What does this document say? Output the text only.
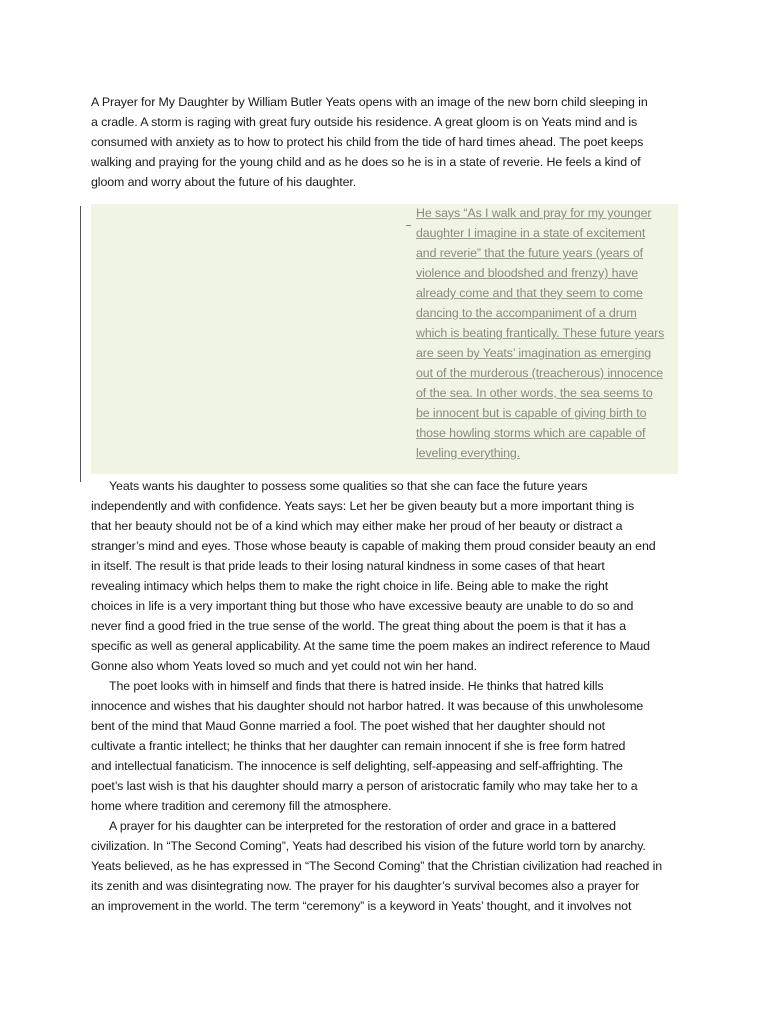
A Prayer for My Daughter by William Butler Yeats opens with an image of the new born child sleeping in
a cradle. A storm is raging with great fury outside his residence. A great gloom is on Yeats mind and is
consumed with anxiety as to how to protect his child from the tide of hard times ahead. The poet keeps
walking and praying for the young child and as he does so he is in a state of reverie. He feels a kind of
gloom and worry about the future of his daughter.

He says “As I walk and pray for my younger
daughter I imagine in a state of excitement
and reverie” that the future years (years of
violence and bloodshed and frenzy) have
already come and that they seem to come
dancing to the accompaniment of a drum
which is beating frantically. These future years
are seen by Yeats’ imagination as emerging
out of the murderous (treacherous) innocence
of the sea. In other words, the sea seems to
be innocent but is capable of giving birth to
those howling storms which are capable of
leveling everything.

Yeats wants his daughter to possess some qualities so that she can face the future years
independently and with confidence. Yeats says: Let her be given beauty but a more important thing is
that her beauty should not be of a kind which may either make her proud of her beauty or distract a
stranger’s mind and eyes. Those whose beauty is capable of making them proud consider beauty an end
in itself. The result is that pride leads to their losing natural kindness in some cases of that heart
revealing intimacy which helps them to make the right choice in life. Being able to make the right
choices in life is a very important thing but those who have excessive beauty are unable to do so and
never find a good fried in the true sense of the world. The great thing about the poem is that it has a
specific as well as general applicability. At the same time the poem makes an indirect reference to Maud
Gonne also whom Yeats loved so much and yet could not win her hand.

The poet looks with in himself and finds that there is hatred inside. He thinks that hatred kills
innocence and wishes that his daughter should not harbor hatred. It was because of this unwholesome
bent of the mind that Maud Gonne married a fool. The poet wished that her daughter should not
cultivate a frantic intellect; he thinks that her daughter can remain innocent if she is free form hatred
and intellectual fanaticism. The innocence is self delighting, self-appeasing and self-affrighting. The
poet’s last wish is that his daughter should marry a person of aristocratic family who may take her to a
home where tradition and ceremony fill the atmosphere.

A prayer for his daughter can be interpreted for the restoration of order and grace in a battered
civilization. In “The Second Coming”, Yeats had described his vision of the future world torn by anarchy.
Yeats believed, as he has expressed in “The Second Coming” that the Christian civilization had reached in
its zenith and was disintegrating now. The prayer for his daughter’s survival becomes also a prayer for
an improvement in the world. The term “ceremony” is a keyword in Yeats’ thought, and it involves not
